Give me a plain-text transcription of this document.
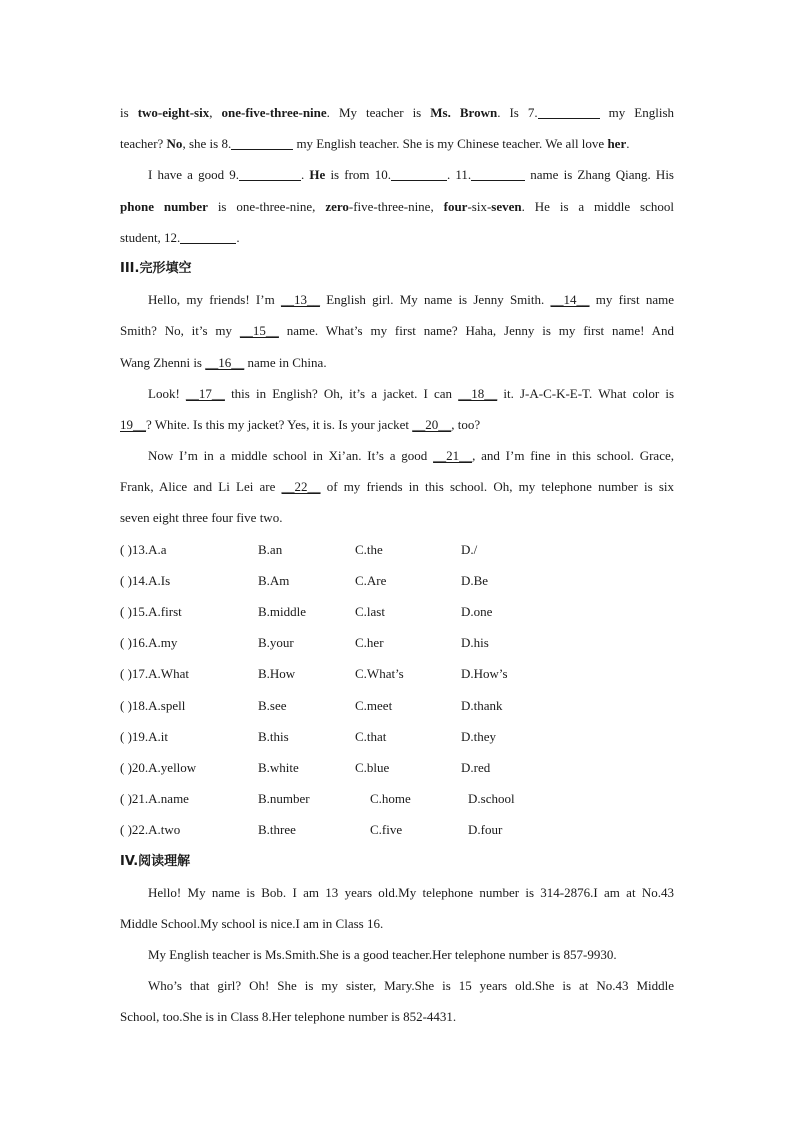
is two-eight-six, one-five-three-nine. My teacher is Ms. Brown. Is 7.	my English
teacher? No, she is 8.	my English teacher. She is my Chinese teacher. We all love her.
I have a good 9.	. He is from 10.	. 11.	name is Zhang Qiang. His
phone number is one-three-nine, zero-five-three-nine, four-six-seven. He is a middle school
student, 12.	.
III.完形填空
Hello, my friends! I’m __13__ English girl. My name is Jenny Smith. __14__ my first name
Smith? No, it’s my __15__ name. What’s my first name? Haha, Jenny is my first name! And
Wang Zhenni is __16__ name in China.
Look! __17__ this in English? Oh, it’s a jacket. I can __18__ it. J-A-C-K-E-T. What color is
19__? White. Is this my jacket? Yes, it is. Is your jacket __20__, too?
Now I’m in a middle school in Xi’an. It’s a good __21__, and I’m fine in this school. Grace,
Frank, Alice and Li Lei are __22__ of my friends in this school. Oh, my telephone number is six
seven eight three four five two.
( )13.A.a	B.an	C.the	D./
( )14.A.Is	B.Am	C.Are	D.Be
( )15.A.first	B.middle	C.last	D.one
( )16.A.my	B.your	C.her	D.his
( )17.A.What	B.How	C.What’s	D.How’s
( )18.A.spell	B.see	C.meet	D.thank
( )19.A.it	B.this	C.that	D.they
( )20.A.yellow	B.white	C.blue	D.red
( )21.A.name	B.number	C.home	D.school
( )22.A.two	B.three	C.five	D.four
IV.阅读理解
Hello! My name is Bob. I am 13 years old.My telephone number is 314-2876.I am at No.43
Middle School.My school is nice.I am in Class 16.
My English teacher is Ms.Smith.She is a good teacher.Her telephone number is 857-9930.
Who’s that girl? Oh! She is my sister, Mary.She is 15 years old.She is at No.43 Middle
School, too.She is in Class 8.Her telephone number is 852-4431.
